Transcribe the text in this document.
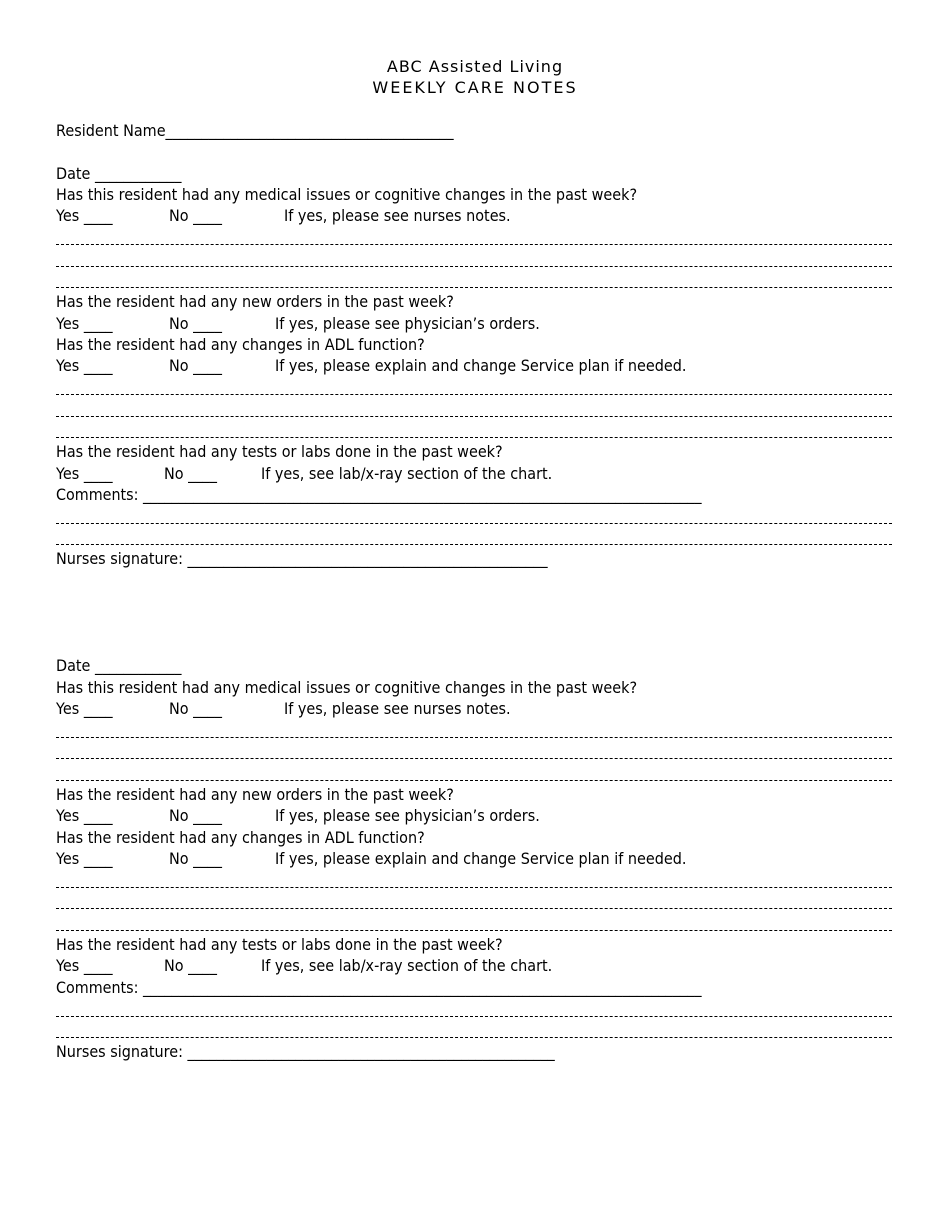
ABC Assisted Living
WEEKLY CARE NOTES
Resident Name________________________________________
Date ____________
Has this resident had any medical issues or cognitive changes in the past week?
Yes ____	No ____	If yes, please see nurses notes.
Has the resident had any new orders in the past week?
Yes ____	No ____	If yes, please see physician’s orders.
Has the resident had any changes in ADL function?
Yes ____	No ____	If yes, please explain and change Service plan if needed.
Has the resident had any tests or labs done in the past week?
Yes ____	No ____	If yes, see lab/x-ray section of the chart.
Comments: ______________________________________________________________________________
Nurses signature: __________________________________________________
Date ____________
Has this resident had any medical issues or cognitive changes in the past week?
Yes ____	No ____	If yes, please see nurses notes.
Has the resident had any new orders in the past week?
Yes ____	No ____	If yes, please see physician’s orders.
Has the resident had any changes in ADL function?
Yes ____	No ____	If yes, please explain and change Service plan if needed.
Has the resident had any tests or labs done in the past week?
Yes ____	No ____	If yes, see lab/x-ray section of the chart.
Comments: ______________________________________________________________________________
Nurses signature: ___________________________________________________
